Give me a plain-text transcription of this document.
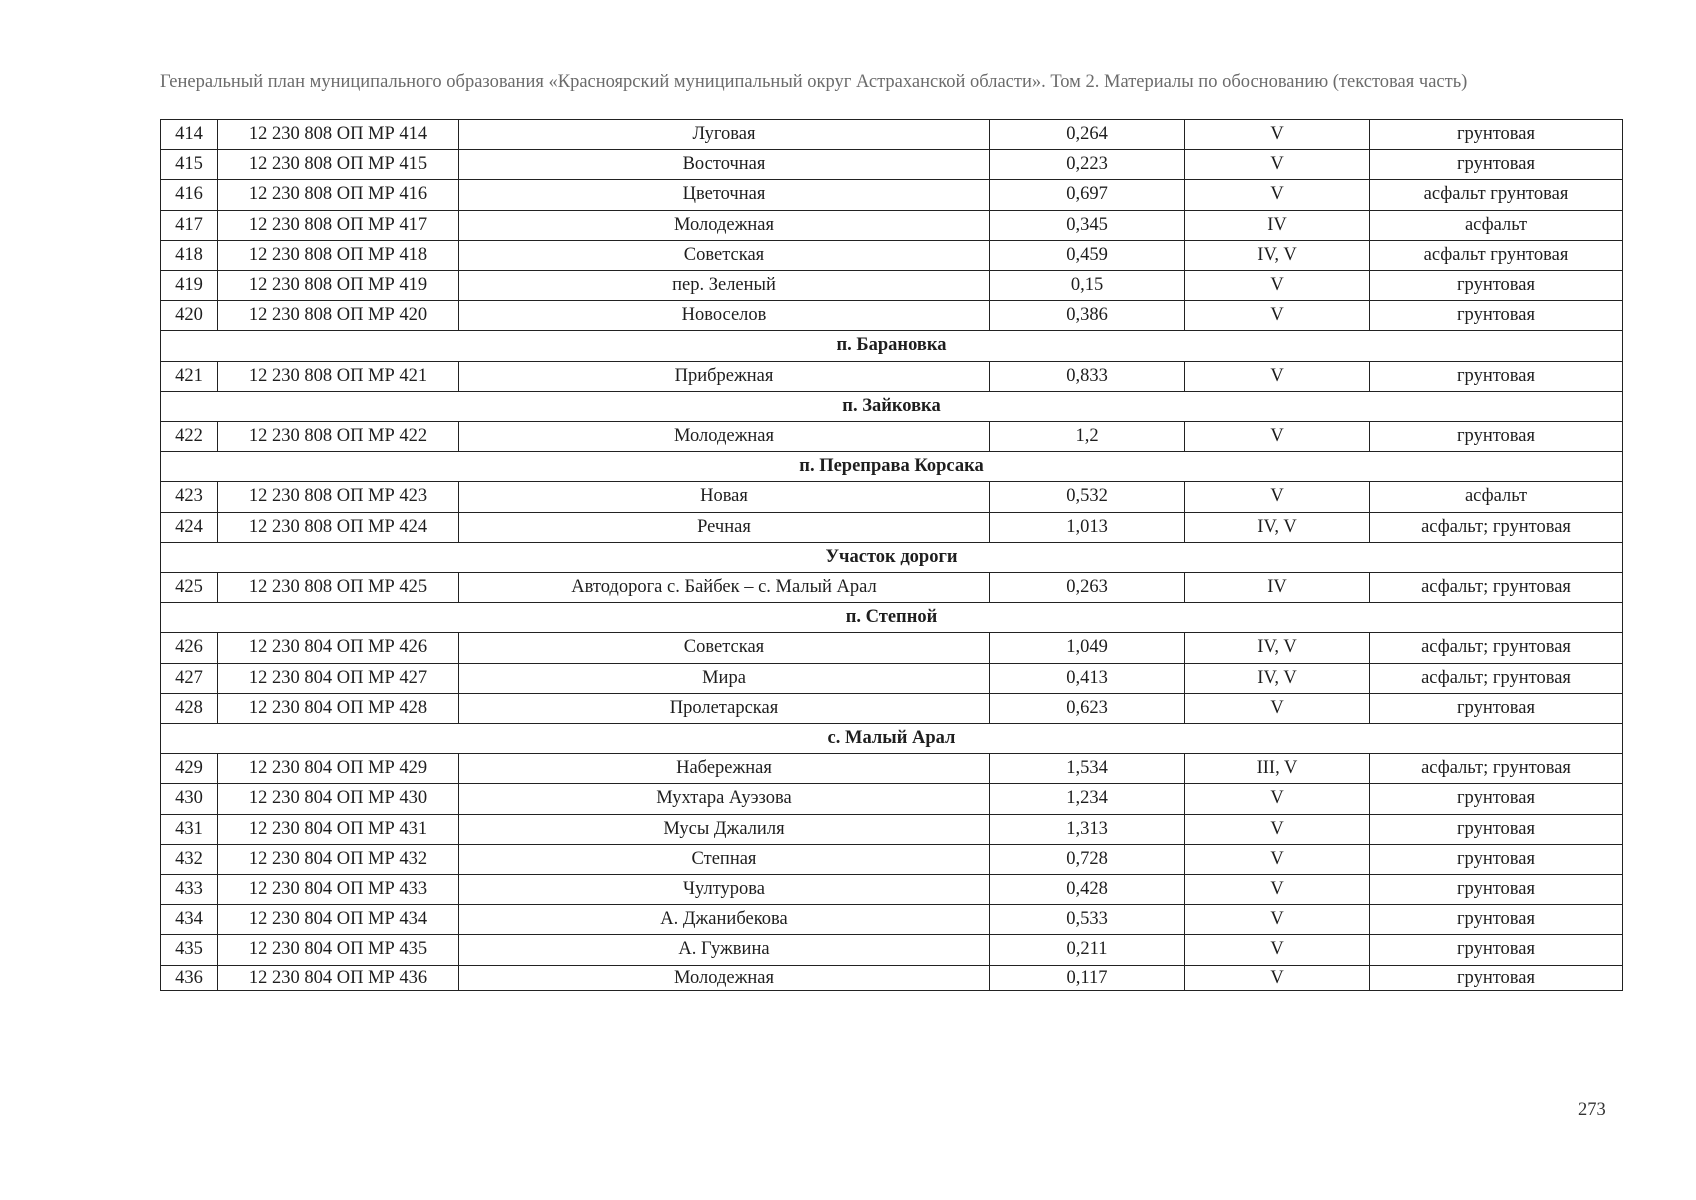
Генеральный план муниципального образования «Красноярский муниципальный округ Астраханской области». Том 2. Материалы по обоснованию (текстовая часть)
414	12 230 808 ОП МР 414	Луговая	0,264	V	грунтовая
415	12 230 808 ОП МР 415	Восточная	0,223	V	грунтовая
416	12 230 808 ОП МР 416	Цветочная	0,697	V	асфальт грунтовая
417	12 230 808 ОП МР 417	Молодежная	0,345	IV	асфальт
418	12 230 808 ОП МР 418	Советская	0,459	IV, V	асфальт грунтовая
419	12 230 808 ОП МР 419	пер. Зеленый	0,15	V	грунтовая
420	12 230 808 ОП МР 420	Новоселов	0,386	V	грунтовая
п. Барановка					
421	12 230 808 ОП МР 421	Прибрежная	0,833	V	грунтовая
п. Зайковка					
422	12 230 808 ОП МР 422	Молодежная	1,2	V	грунтовая
п. Переправа Корсака					
423	12 230 808 ОП МР 423	Новая	0,532	V	асфальт
424	12 230 808 ОП МР 424	Речная	1,013	IV, V	асфальт; грунтовая
Участок дороги					
425	12 230 808 ОП МР 425	Автодорога с. Байбек – с. Малый Арал	0,263	IV	асфальт; грунтовая
п. Степной					
426	12 230 804 ОП МР 426	Советская	1,049	IV, V	асфальт; грунтовая
427	12 230 804 ОП МР 427	Мира	0,413	IV, V	асфальт; грунтовая
428	12 230 804 ОП МР 428	Пролетарская	0,623	V	грунтовая
с. Малый Арал					
429	12 230 804 ОП МР 429	Набережная	1,534	III, V	асфальт; грунтовая
430	12 230 804 ОП МР 430	Мухтара Ауэзова	1,234	V	грунтовая
431	12 230 804 ОП МР 431	Мусы Джалиля	1,313	V	грунтовая
432	12 230 804 ОП МР 432	Степная	0,728	V	грунтовая
433	12 230 804 ОП МР 433	Чултурова	0,428	V	грунтовая
434	12 230 804 ОП МР 434	А. Джанибекова	0,533	V	грунтовая
435	12 230 804 ОП МР 435	А. Гужвина	0,211	V	грунтовая
436	12 230 804 ОП МР 436	Молодежная	0,117	V	грунтовая
273
